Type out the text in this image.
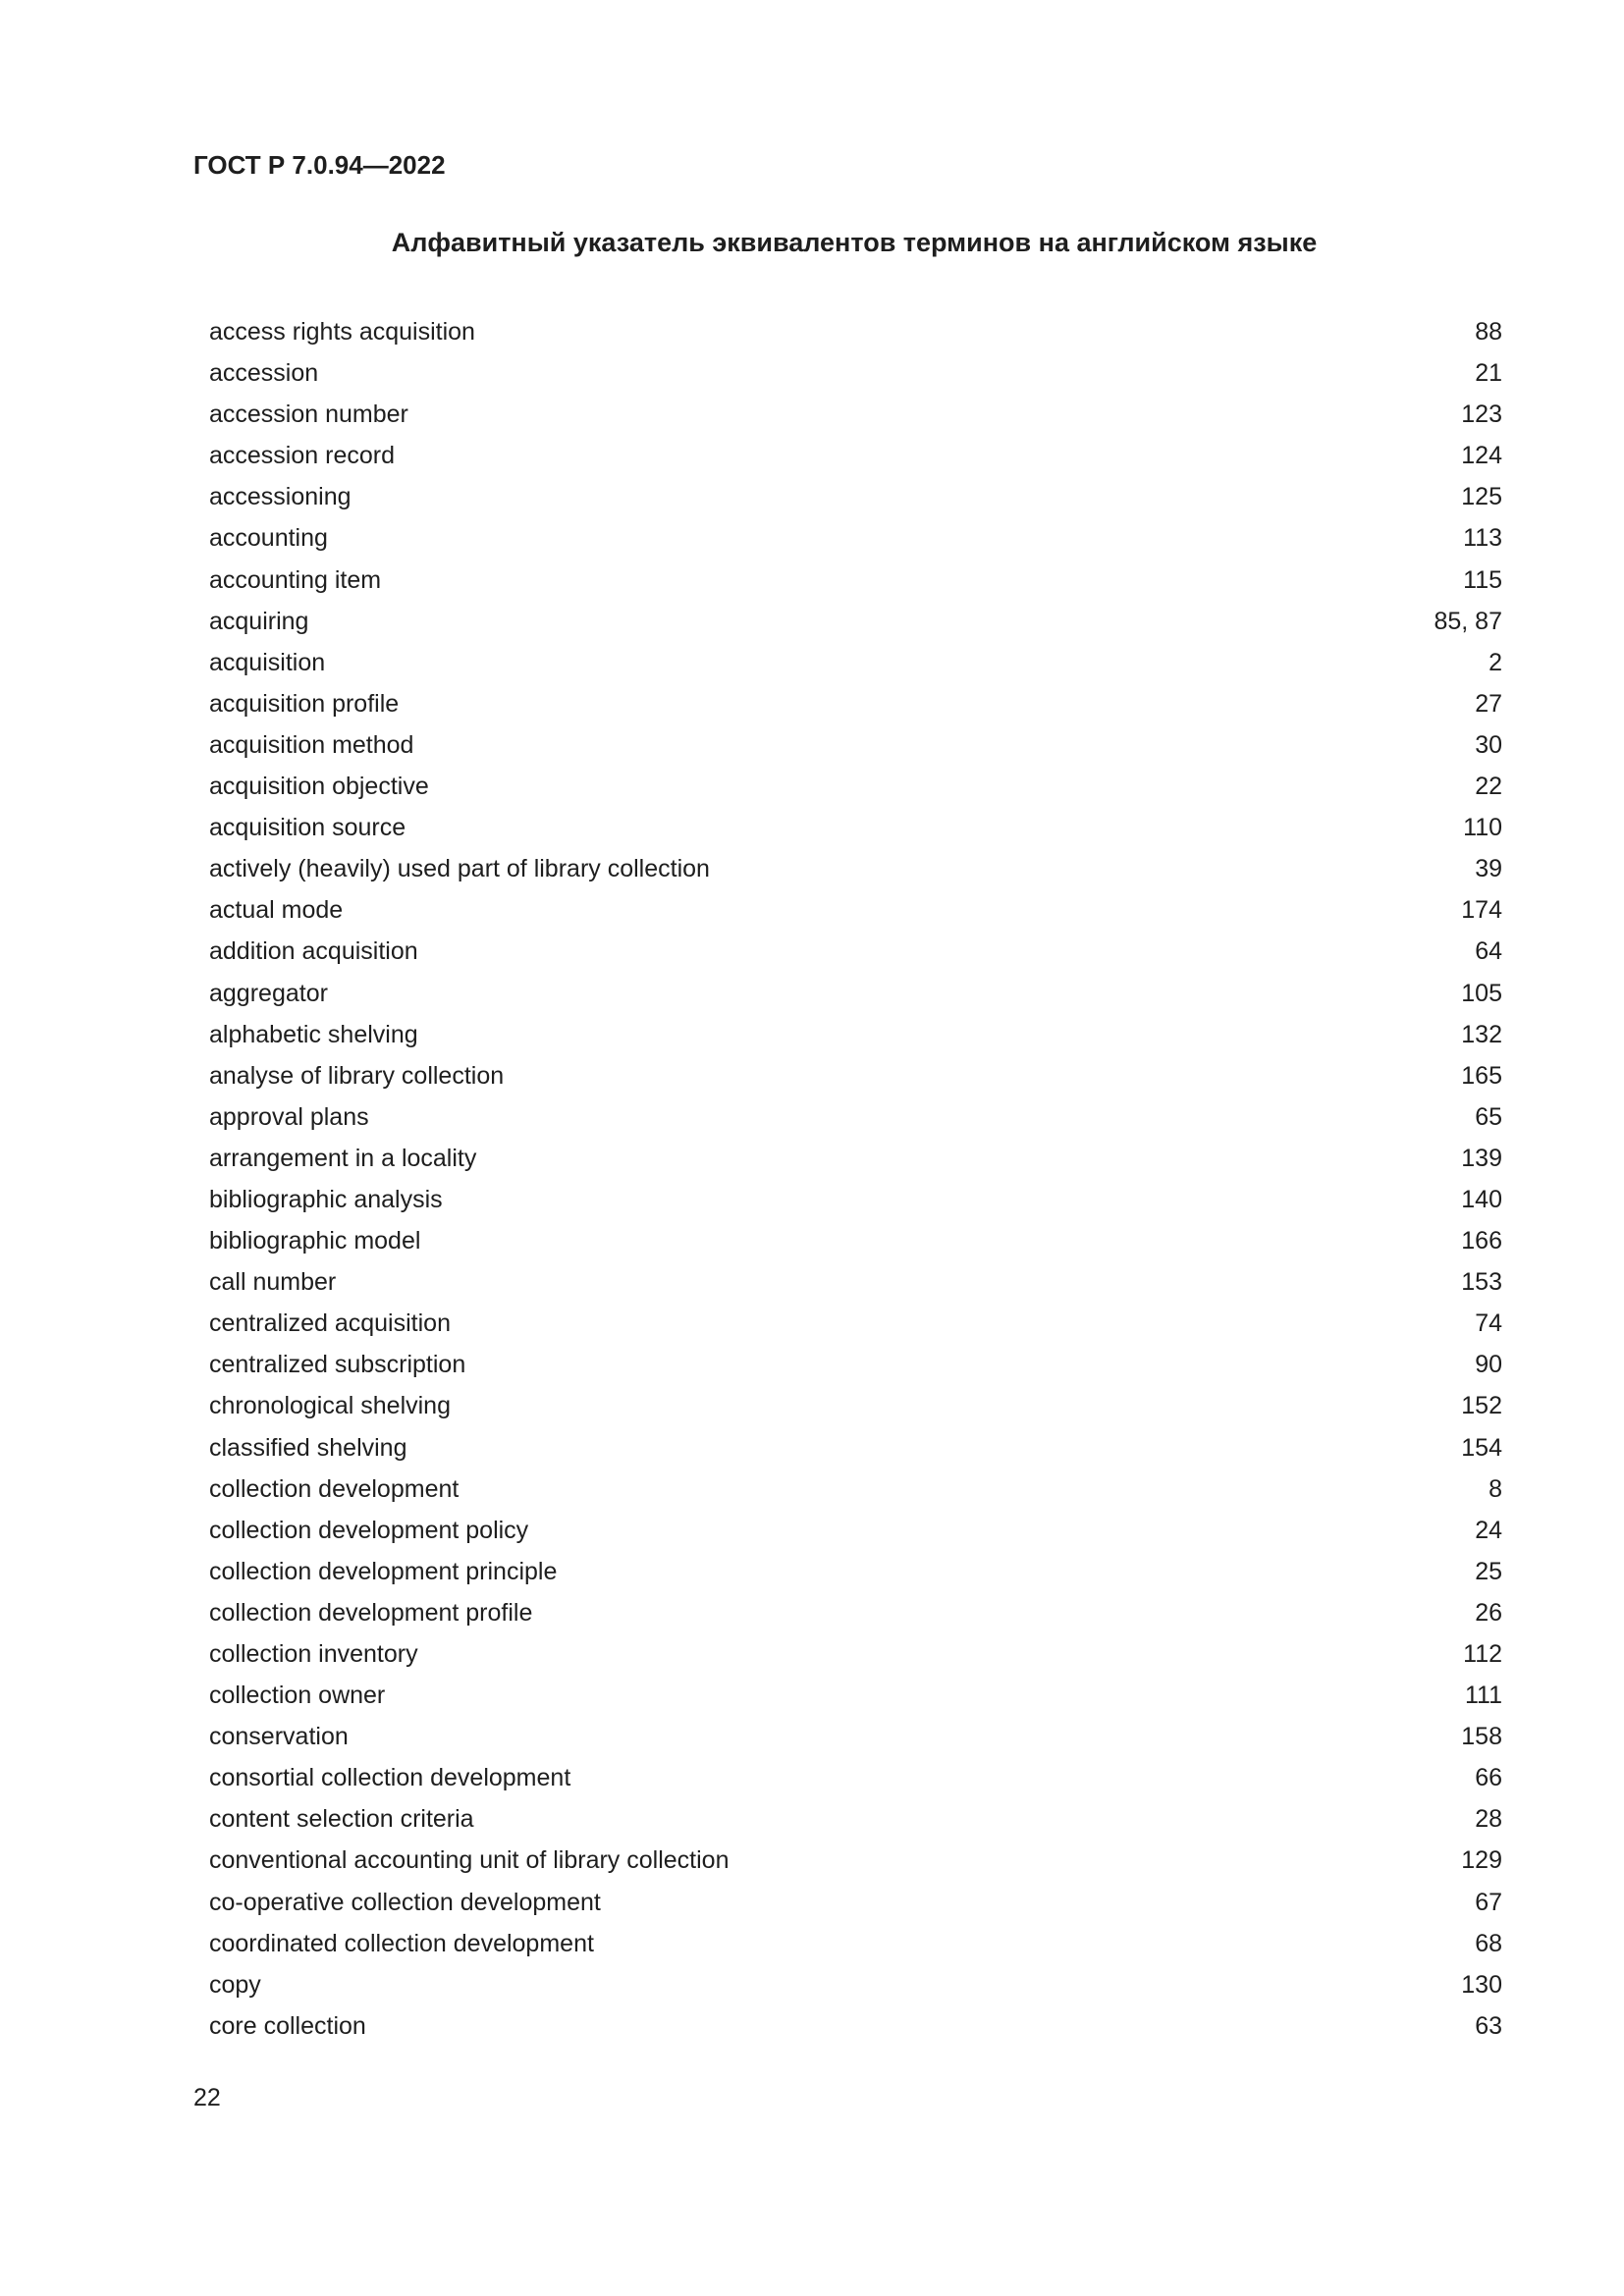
ГОСТ Р 7.0.94—2022
Алфавитный указатель эквивалентов терминов на английском языке
access rights acquisition	88
accession	21
accession number	123
accession record	124
accessioning	125
accounting	113
accounting item	115
acquiring	85, 87
acquisition	2
acquisition profile	27
acquisition method	30
acquisition objective	22
acquisition source	110
actively (heavily) used part of library collection	39
actual mode	174
addition acquisition	64
aggregator	105
alphabetic shelving	132
analyse of library collection	165
approval plans	65
arrangement in a locality	139
bibliographic analysis	140
bibliographic model	166
call number	153
centralized acquisition	74
centralized subscription	90
chronological shelving	152
classified shelving	154
collection development	8
collection development policy	24
collection development principle	25
collection development profile	26
collection inventory	112
collection owner	111
conservation	158
consortial collection development	66
content selection criteria	28
conventional accounting unit of library collection	129
co-operative collection development	67
coordinated collection development	68
copy	130
core collection	63
22
